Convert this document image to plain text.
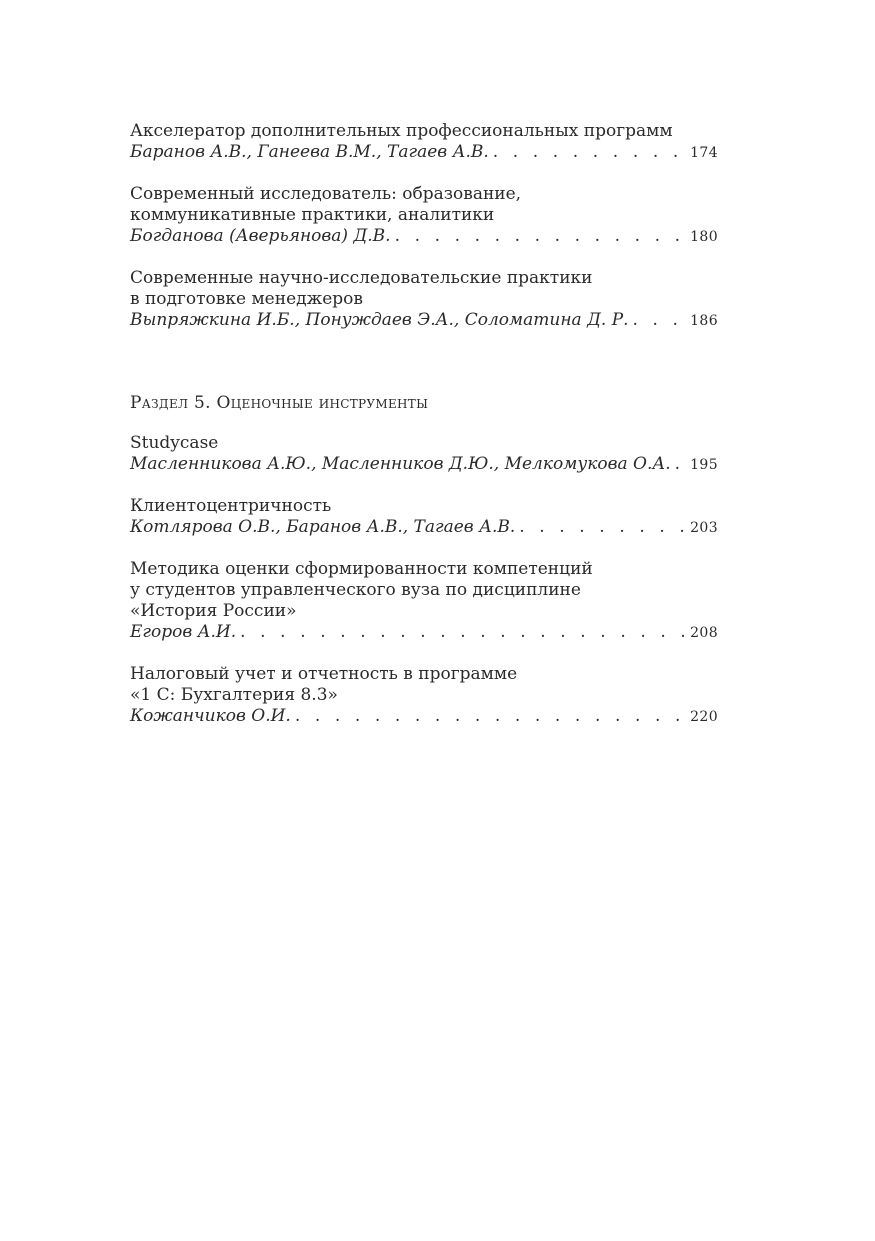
Акселератор дополнительных профессиональных программ
Баранов А.В., Ганеева В.М., Тагаев А.В. . . .	174
Современный исследователь: образование,
коммуникативные практики, аналитики
Богданова (Аверьянова) Д.В. . . .	180
Современные научно-исследовательские практики
в подготовке менеджеров
Выпряжкина И.Б., Понуждаев Э.А., Соломатина Д. Р. . . .	186
Раздел 5. Оценочные инструменты
Studycase
Масленникова А.Ю., Масленников Д.Ю., Мелкомукова О.А. . . . 195
Клиентоцентричность
Котлярова О.В., Баранов А.В., Тагаев А.В. . . .	203
Методика оценки сформированности компетенций
у студентов управленческого вуза по дисциплине
«История России»
Егоров А.И. . . .	208
Налоговый учет и отчетность в программе
«1 С: Бухгалтерия 8.3»
Кожанчиков О.И. . . .	220
